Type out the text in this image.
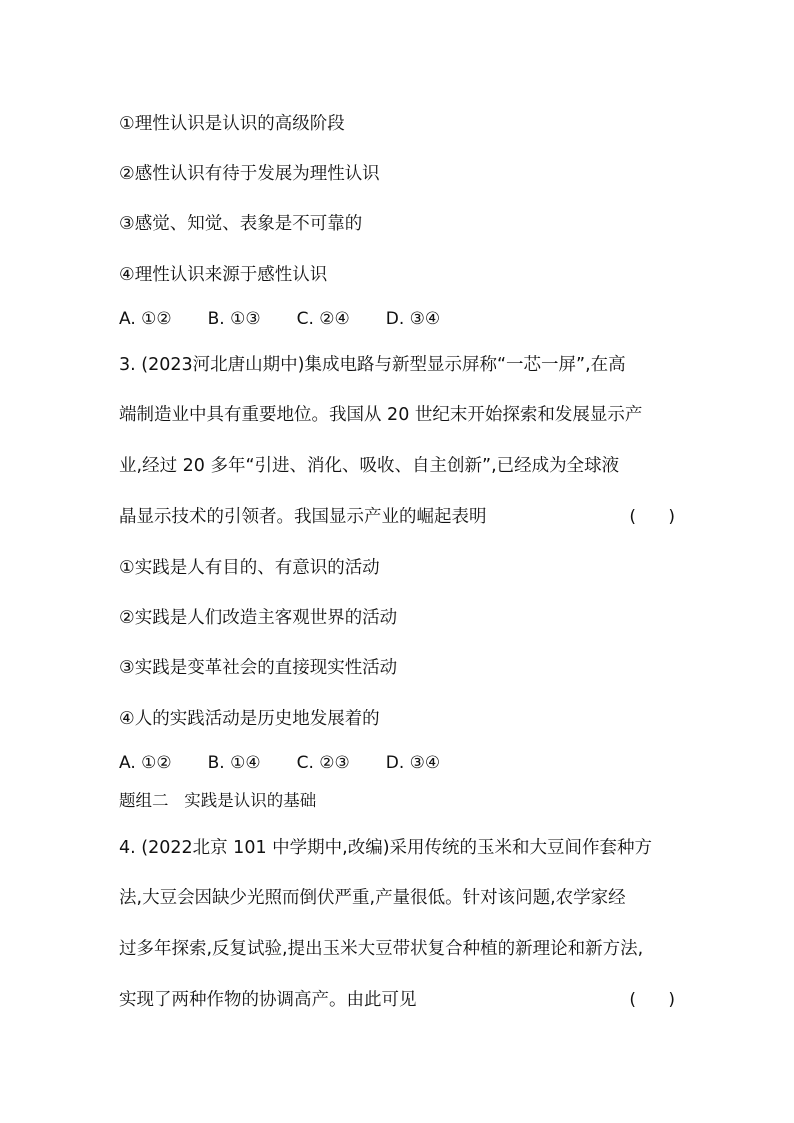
①理性认识是认识的高级阶段
②感性认识有待于发展为理性认识
③感觉、知觉、表象是不可靠的
④理性认识来源于感性认识
A. ①② B. ①③ C. ②④ D. ③④
3. (2023河北唐山期中)集成电路与新型显示屏称“一芯一屏”,在高
端制造业中具有重要地位。我国从 20 世纪末开始探索和发展显示产
业,经过 20 多年“引进、消化、吸收、自主创新”,已经成为全球液
晶显示技术的引领者。我国显示产业的崛起表明	(      )
①实践是人有目的、有意识的活动
②实践是人们改造主客观世界的活动
③实践是变革社会的直接现实性活动
④人的实践活动是历史地发展着的
A. ①② B. ①④ C. ②③ D. ③④
题组二   实践是认识的基础
4. (2022北京 101 中学期中,改编)采用传统的玉米和大豆间作套种方
法,大豆会因缺少光照而倒伏严重,产量很低。针对该问题,农学家经
过多年探索,反复试验,提出玉米大豆带状复合种植的新理论和新方法,
实现了两种作物的协调高产。由此可见	(      )
